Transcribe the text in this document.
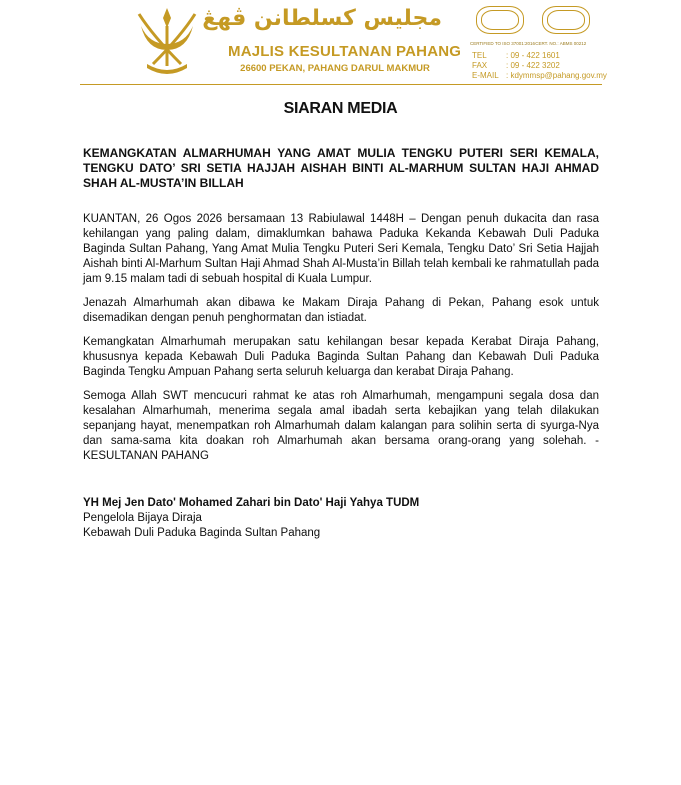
مجليس كسلطانن ڤهڠ
MAJLIS KESULTANAN PAHANG
26600 PEKAN, PAHANG DARUL MAKMUR
CERTIFIED TO ISO 37001:2016 CERT. NO.: ABMS 00212
TEL : 09 - 422 1601
FAX : 09 - 422 3202
E-MAIL : kdymmsp@pahang.gov.my
SIARAN MEDIA
KEMANGKATAN ALMARHUMAH YANG AMAT MULIA TENGKU PUTERI SERI KEMALA, TENGKU DATO’ SRI SETIA HAJJAH AISHAH BINTI AL-MARHUM SULTAN HAJI AHMAD SHAH AL-MUSTA’IN BILLAH

KUANTAN, 26 Ogos 2026 bersamaan 13 Rabiulawal 1448H – Dengan penuh dukacita dan rasa kehilangan yang paling dalam, dimaklumkan bahawa Paduka Kekanda Kebawah Duli Paduka Baginda Sultan Pahang, Yang Amat Mulia Tengku Puteri Seri Kemala, Tengku Dato’ Sri Setia Hajjah Aishah binti Al-Marhum Sultan Haji Ahmad Shah Al-Musta’in Billah telah kembali ke rahmatullah pada jam 9.15 malam tadi di sebuah hospital di Kuala Lumpur.

Jenazah Almarhumah akan dibawa ke Makam Diraja Pahang di Pekan, Pahang esok untuk disemadikan dengan penuh penghormatan dan istiadat.

Kemangkatan Almarhumah merupakan satu kehilangan besar kepada Kerabat Diraja Pahang, khususnya kepada Kebawah Duli Paduka Baginda Sultan Pahang dan Kebawah Duli Paduka Baginda Tengku Ampuan Pahang serta seluruh keluarga dan kerabat Diraja Pahang.

Semoga Allah SWT mencucuri rahmat ke atas roh Almarhumah, mengampuni segala dosa dan kesalahan Almarhumah, menerima segala amal ibadah serta kebajikan yang telah dilakukan sepanjang hayat, menempatkan roh Almarhumah dalam kalangan para solihin serta di syurga-Nya dan sama-sama kita doakan roh Almarhumah akan bersama orang-orang yang solehah. - KESULTANAN PAHANG

YH Mej Jen Dato' Mohamed Zahari bin Dato' Haji Yahya TUDM
Pengelola Bijaya Diraja
Kebawah Duli Paduka Baginda Sultan Pahang
